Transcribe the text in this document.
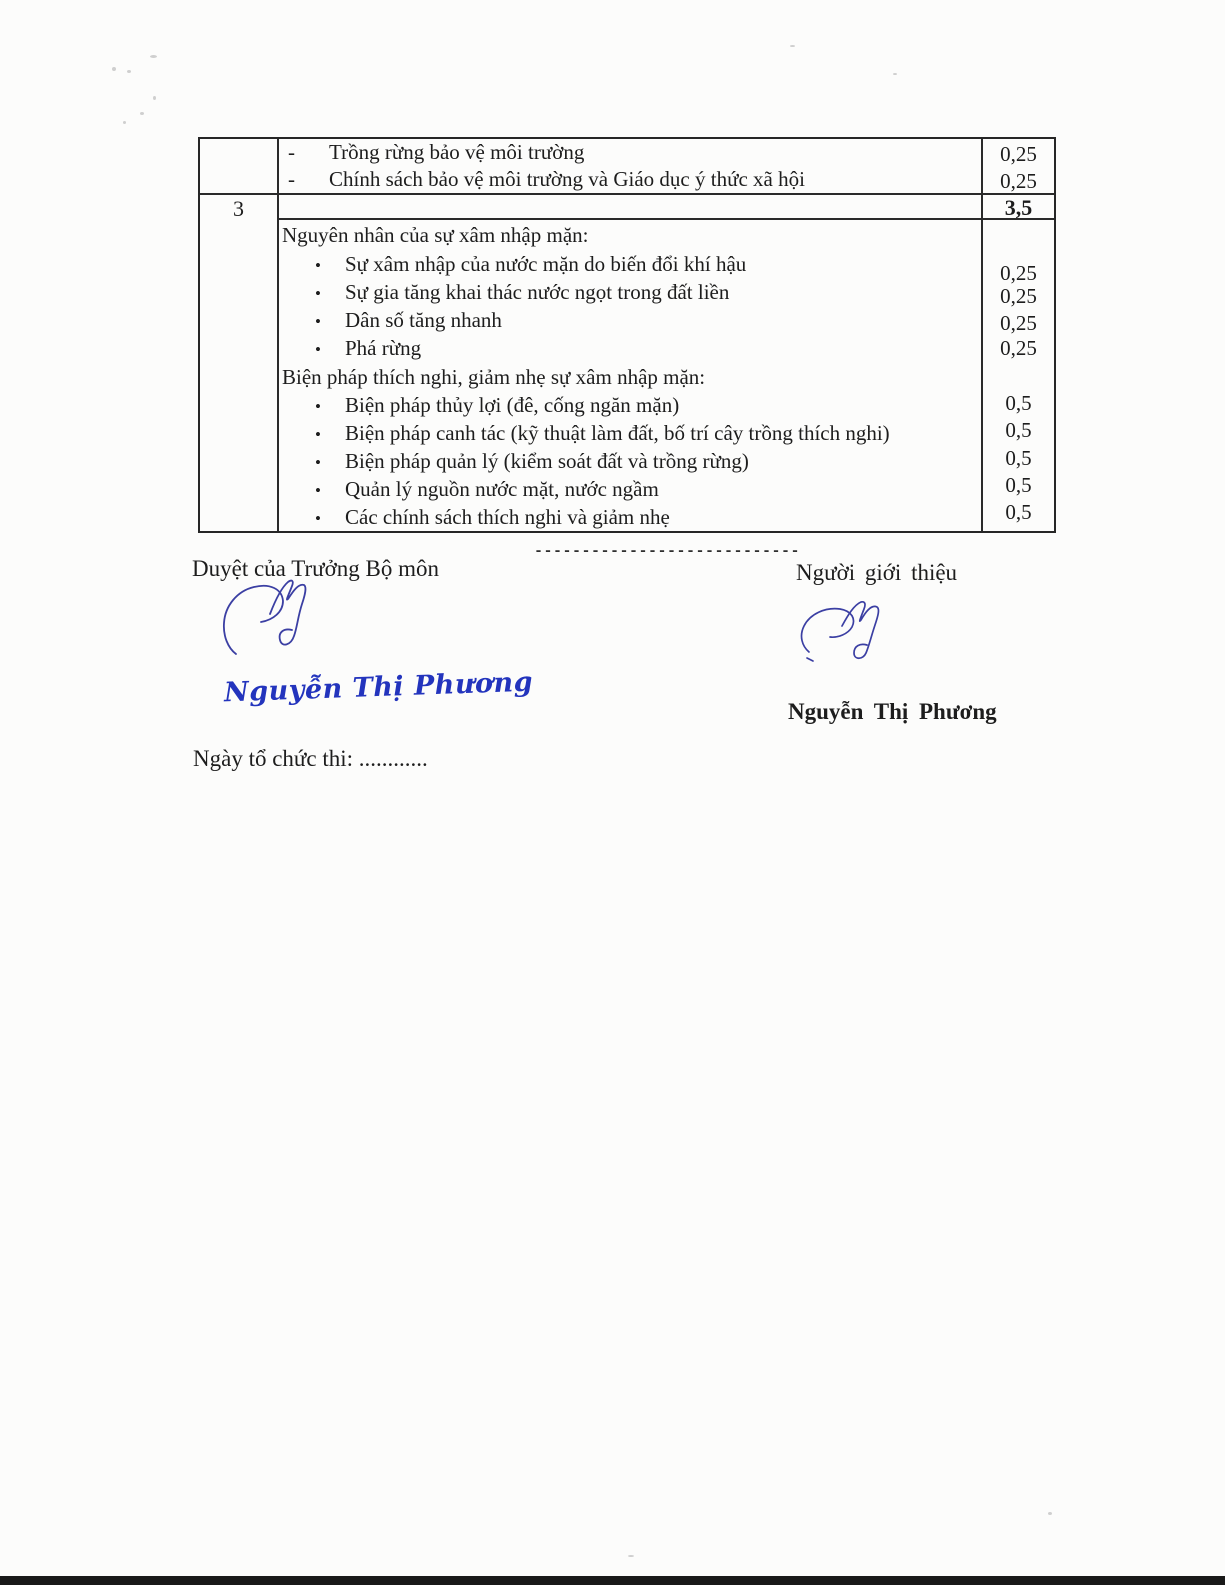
- Trồng rừng bảo vệ môi trường
- Chính sách bảo vệ môi trường và Giáo dục ý thức xã hội
0,25
0,25
3	3,5
Nguyên nhân của sự xâm nhập mặn:
• Sự xâm nhập của nước mặn do biến đổi khí hậu
• Sự gia tăng khai thác nước ngọt trong đất liền
• Dân số tăng nhanh
• Phá rừng
0,25
0,25
0,25
0,25
Biện pháp thích nghi, giảm nhẹ sự xâm nhập mặn:
• Biện pháp thủy lợi (đê, cống ngăn mặn)
• Biện pháp canh tác (kỹ thuật làm đất, bố trí cây trồng thích nghi)
• Biện pháp quản lý (kiểm soát đất và trồng rừng)
• Quản lý nguồn nước mặt, nước ngầm
• Các chính sách thích nghi và giảm nhẹ
0,5
0,5
0,5
0,5
0,5
----------------------------
Duyệt của Trưởng Bộ môn	Người giới thiệu
Nguyễn Thị Phương
Nguyễn Thị Phương
Ngày tổ chức thi: ............
